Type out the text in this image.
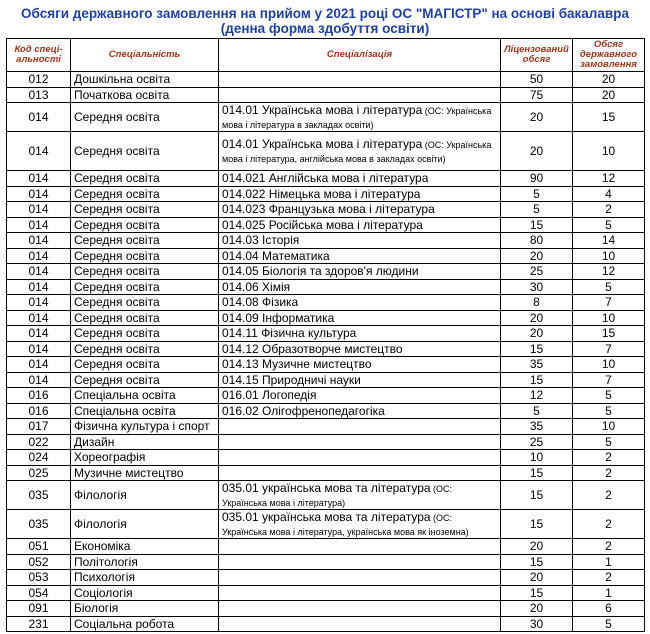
Обсяги державного замовлення на прийом у 2021 році ОС "МАГІСТР" на основі бакалавра
(денна форма здобуття освіти)
Код спеці-альності	Спеціальність	Спеціалізація	Ліцензований обсяг	Обсяг державного замовлення
012	Дошкільна освіта		50	20
013	Початкова освіта		75	20
014	Середня освіта	014.01 Українська мова і література (ОС: Українська мова і література в закладах освіти)	20	15
014	Середня освіта	014.01 Українська мова і література (ОС: Українська мова і література, англійська мова в закладах освіти)	20	10
014	Середня освіта	014.021 Англійська мова і література	90	12
014	Середня освіта	014.022 Німецька мова і література	5	4
014	Середня освіта	014.023 Французька мова і література	5	2
014	Середня освіта	014.025 Російська мова і література	15	5
014	Середня освіта	014.03 Історія	80	14
014	Середня освіта	014.04 Математика	20	10
014	Середня освіта	014.05 Біологія та здоров'я людини	25	12
014	Середня освіта	014.06 Хімія	30	5
014	Середня освіта	014.08 Фізика	8	7
014	Середня освіта	014.09 Інформатика	20	10
014	Середня освіта	014.11 Фізична культура	20	15
014	Середня освіта	014.12 Образотворче мистецтво	15	7
014	Середня освіта	014.13 Музичне мистецтво	35	10
014	Середня освіта	014.15 Природничі науки	15	7
016	Спеціальна освіта	016.01 Логопедія	12	5
016	Спеціальна освіта	016.02 Олігофренопедагогіка	5	5
017	Фізична культура і спорт		35	10
022	Дизайн		25	5
024	Хореографія		10	2
025	Музичне мистецтво		15	2
035	Філологія	035.01 українська мова та література (ОС: Українська мова і література)	15	2
035	Філологія	035.01 українська мова та література (ОС: Українська мова і література, українська мова як іноземна)	15	2
051	Економіка		20	2
052	Політологія		15	1
053	Психологія		20	2
054	Соціологія		15	1
091	Біологія		20	6
231	Соціальна робота		30	5
